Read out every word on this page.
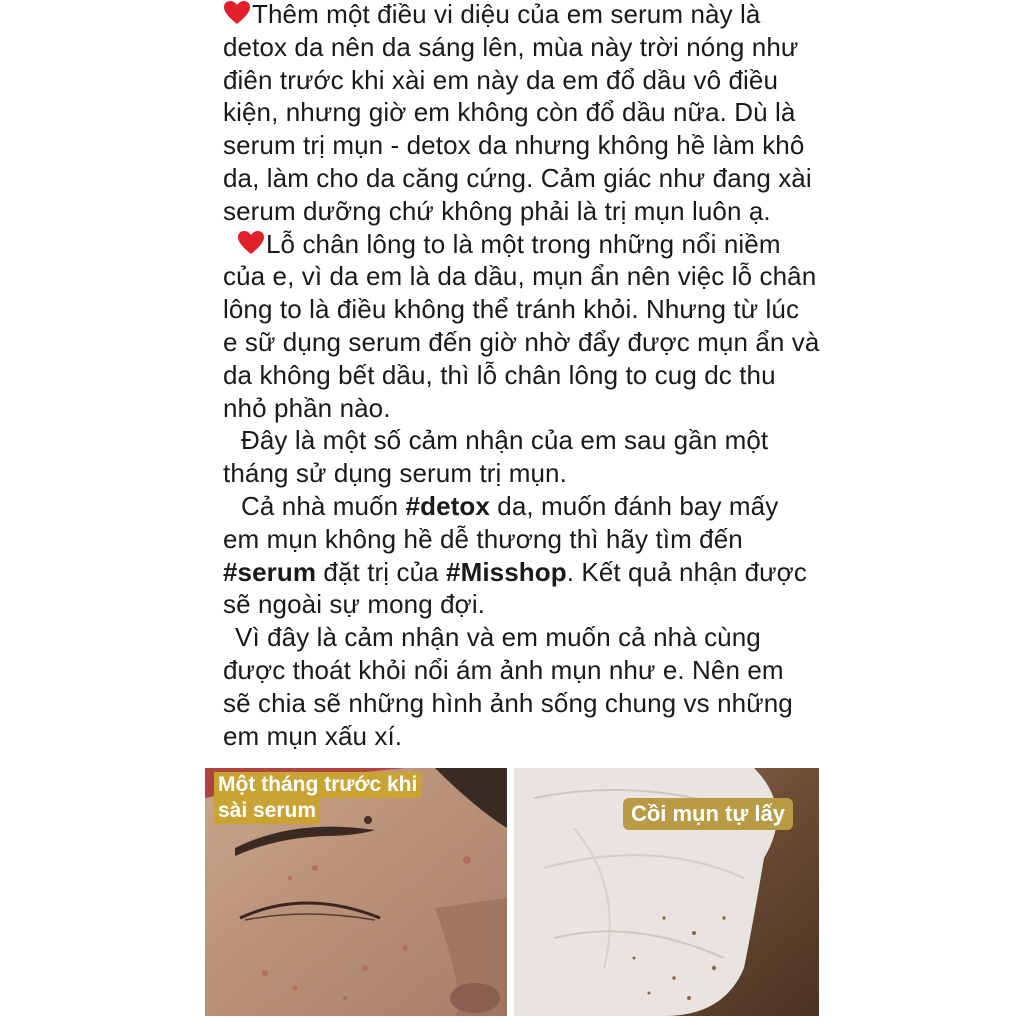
Thêm một điều vi diệu của em serum này là
detox da nên da sáng lên, mùa này trời nóng như
điên trước khi xài em này da em đổ dầu vô điều
kiện, nhưng giờ em không còn đổ dầu nữa. Dù là
serum trị mụn - detox da nhưng không hề làm khô
da, làm cho da căng cứng. Cảm giác như đang xài
serum dưỡng chứ không phải là trị mụn luôn ạ.
Lỗ chân lông to là một trong những nổi niềm
của e, vì da em là da dầu, mụn ẩn nên việc lỗ chân
lông to là điều không thể tránh khỏi. Nhưng từ lúc
e sữ dụng serum đến giờ nhờ đẩy được mụn ẩn và
da không bết dầu, thì lỗ chân lông to cug dc thu
nhỏ phần nào.
Đây là một số cảm nhận của em sau gần một
tháng sử dụng serum trị mụn.
Cả nhà muốn #detox da, muốn đánh bay mấy
em mụn không hề dễ thương thì hãy tìm đến
#serum đặt trị của #Misshop. Kết quả nhận được
sẽ ngoài sự mong đợi.
Vì đây là cảm nhận và em muốn cả nhà cùng
được thoát khỏi nổi ám ảnh mụn như e. Nên em
sẽ chia sẽ những hình ảnh sống chung vs những
em mụn xấu xí.
Một tháng trước khi
sài serum	Cồi mụn tự lấy
